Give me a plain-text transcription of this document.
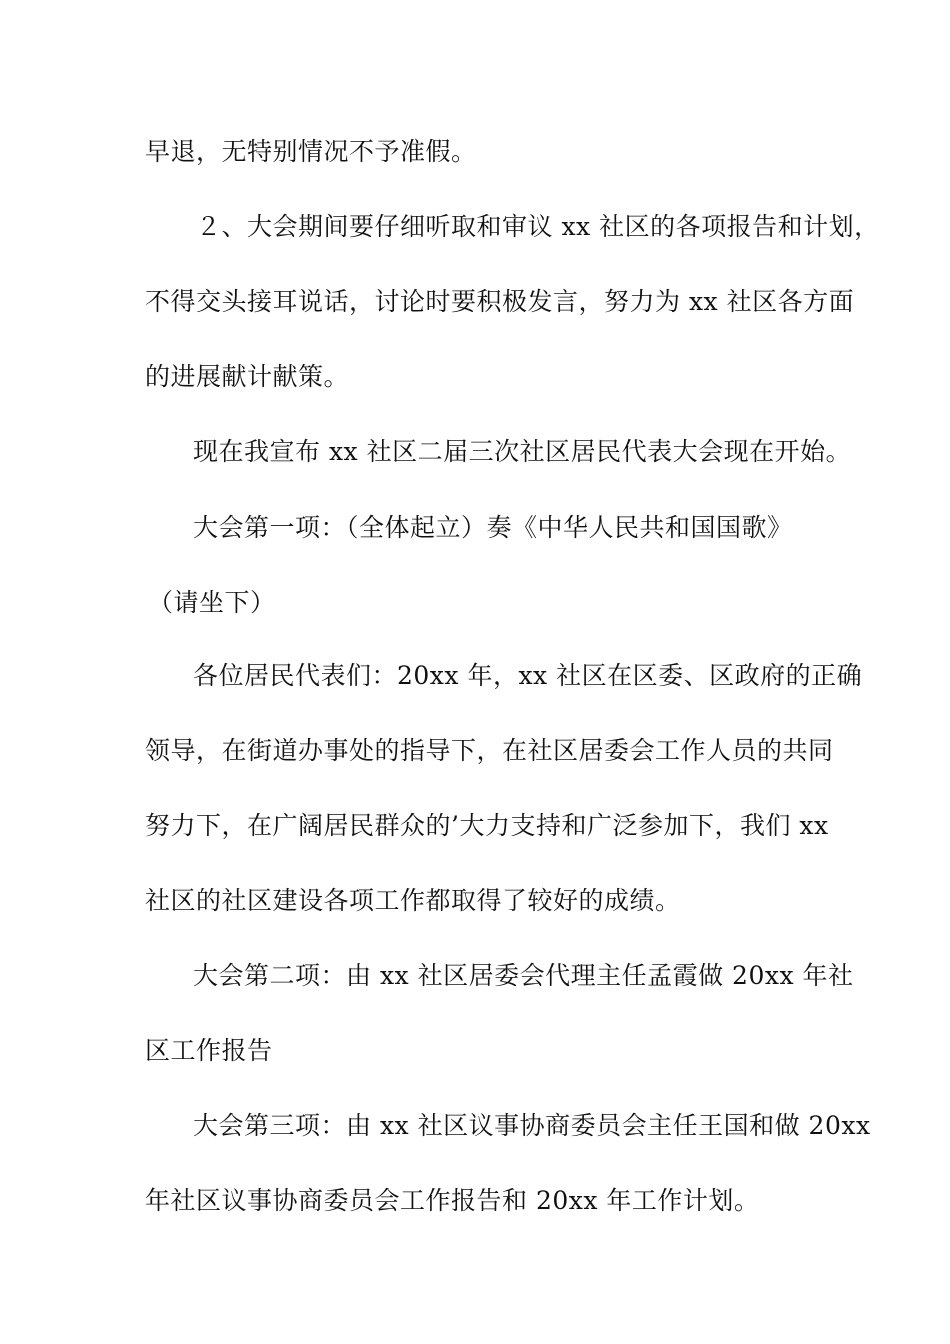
早退，无特别情况不予准假。
２、大会期间要仔细听取和审议 xx 社区的各项报告和计划，
不得交头接耳说话，讨论时要积极发言，努力为 xx 社区各方面
的进展献计献策。
现在我宣布 xx 社区二届三次社区居民代表大会现在开始。
大会第一项：（全体起立）奏《中华人民共和国国歌》
（请坐下）
各位居民代表们：20xx 年，xx 社区在区委、区政府的正确
领导，在街道办事处的指导下，在社区居委会工作人员的共同
努力下，在广阔居民群众的’大力支持和广泛参加下，我们 xx
社区的社区建设各项工作都取得了较好的成绩。
大会第二项：由 xx 社区居委会代理主任孟霞做 20xx 年社
区工作报告
大会第三项：由 xx 社区议事协商委员会主任王国和做 20xx
年社区议事协商委员会工作报告和 20xx 年工作计划。
